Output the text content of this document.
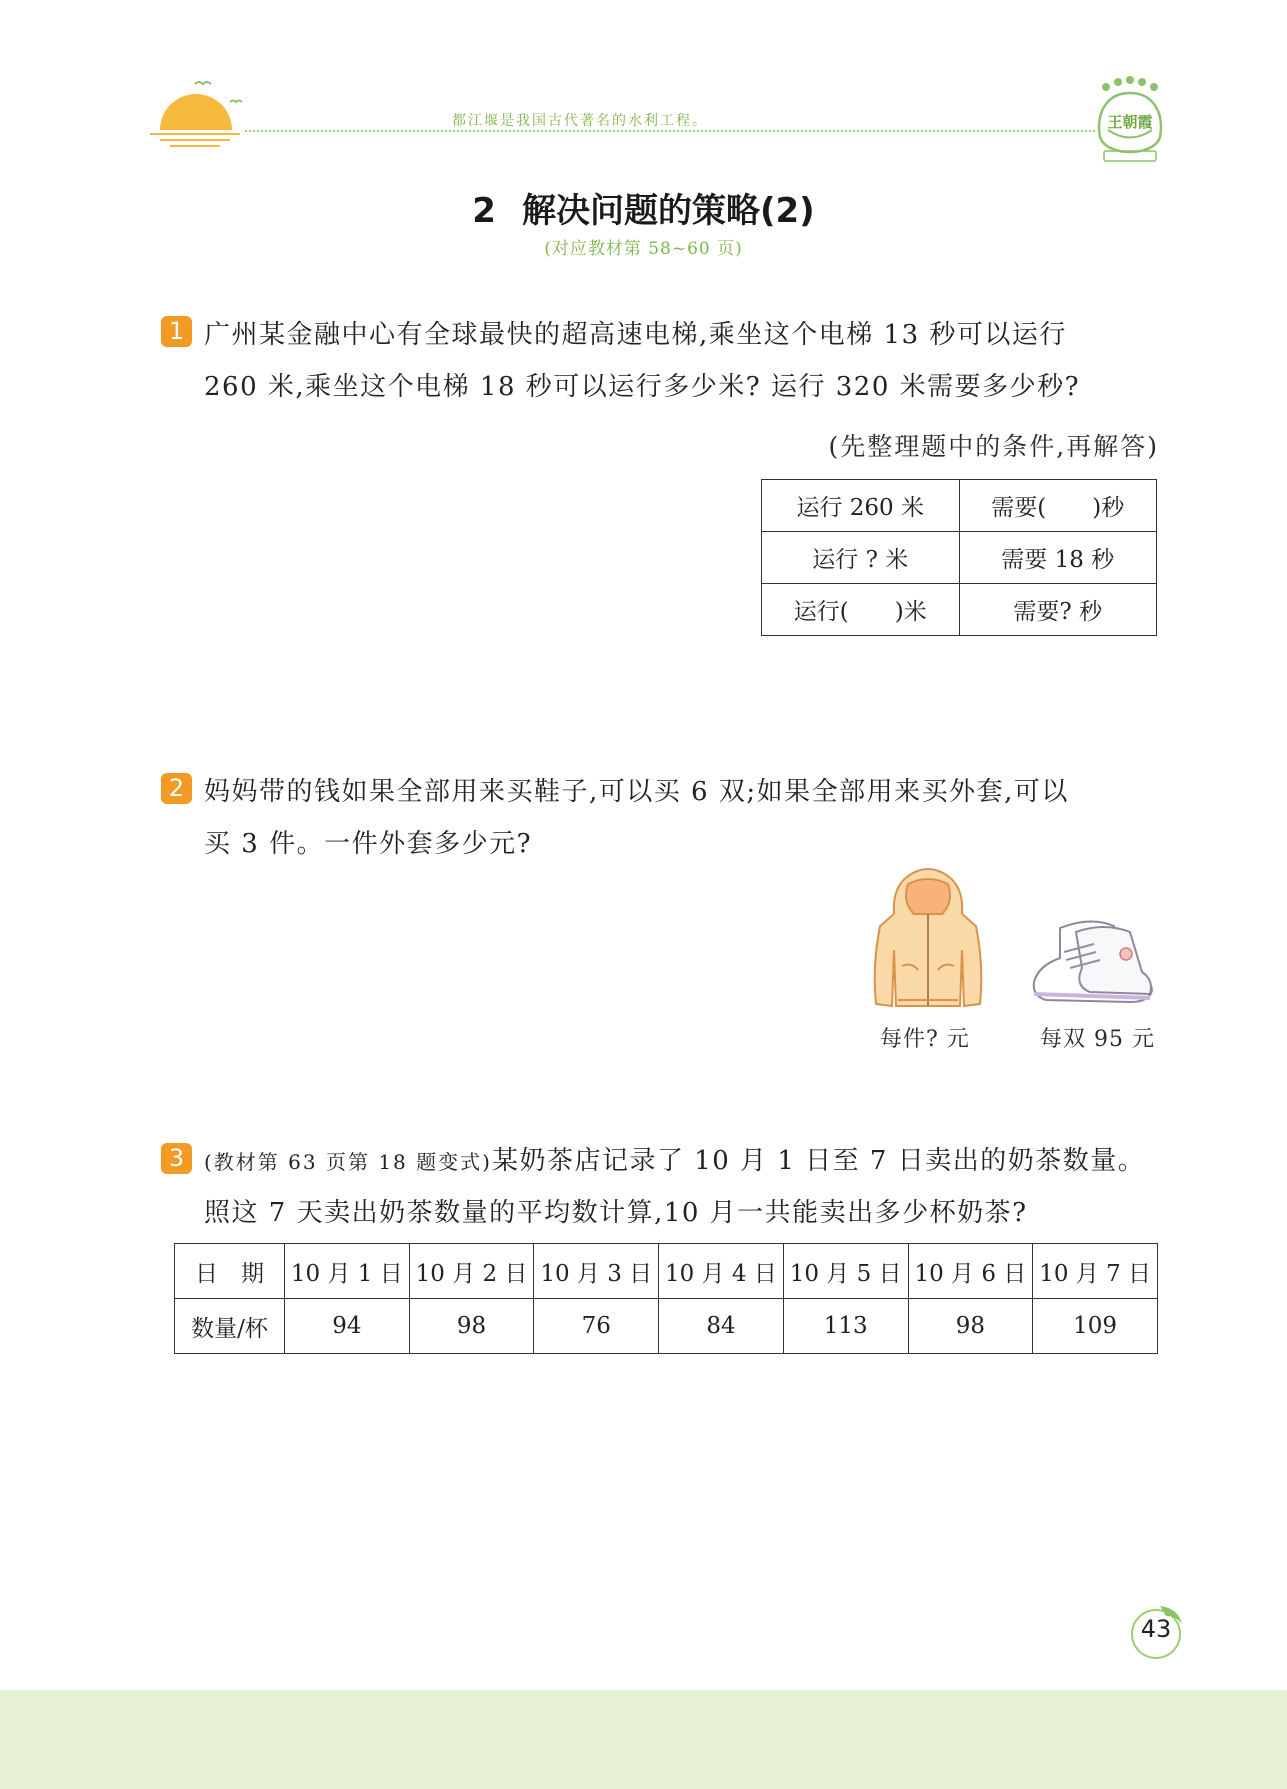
都江堰是我国古代著名的水利工程。	王朝霞
2 解决问题的策略(2)
(对应教材第 58~60 页)
1 广州某金融中心有全球最快的超高速电梯,乘坐这个电梯 13 秒可以运行
260 米,乘坐这个电梯 18 秒可以运行多少米? 运行 320 米需要多少秒?
(先整理题中的条件,再解答)
运行 260 米	需要(　　)秒
运行 ? 米	需要 18 秒
运行(　　)米	需要? 秒
2 妈妈带的钱如果全部用来买鞋子,可以买 6 双;如果全部用来买外套,可以
买 3 件。一件外套多少元?
每件? 元	每双 95 元
3 (教材第 63 页第 18 题变式)某奶茶店记录了 10 月 1 日至 7 日卖出的奶茶数量。
照这 7 天卖出奶茶数量的平均数计算,10 月一共能卖出多少杯奶茶?
日　期	10 月 1 日	10 月 2 日	10 月 3 日	10 月 4 日	10 月 5 日	10 月 6 日	10 月 7 日
数量/杯	94	98	76	84	113	98	109
43
